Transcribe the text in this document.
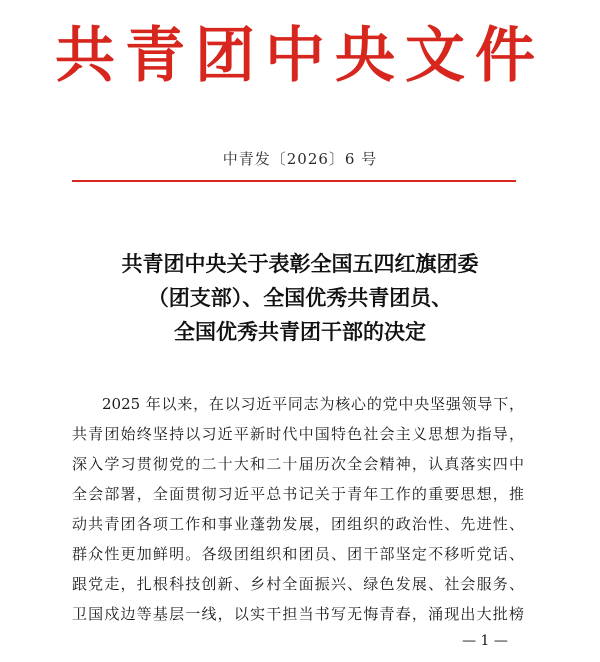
共青团中央文件
中青发〔2026〕6 号
共青团中央关于表彰全国五四红旗团委
（团支部）、全国优秀共青团员、
全国优秀共青团干部的决定
2025 年以来，在以习近平同志为核心的党中央坚强领导下，
共青团始终坚持以习近平新时代中国特色社会主义思想为指导，
深入学习贯彻党的二十大和二十届历次全会精神，认真落实四中
全会部署，全面贯彻习近平总书记关于青年工作的重要思想，推
动共青团各项工作和事业蓬勃发展，团组织的政治性、先进性、
群众性更加鲜明。各级团组织和团员、团干部坚定不移听党话、
跟党走，扎根科技创新、乡村全面振兴、绿色发展、社会服务、
卫国戍边等基层一线，以实干担当书写无悔青春，涌现出大批榜
— 1 —
